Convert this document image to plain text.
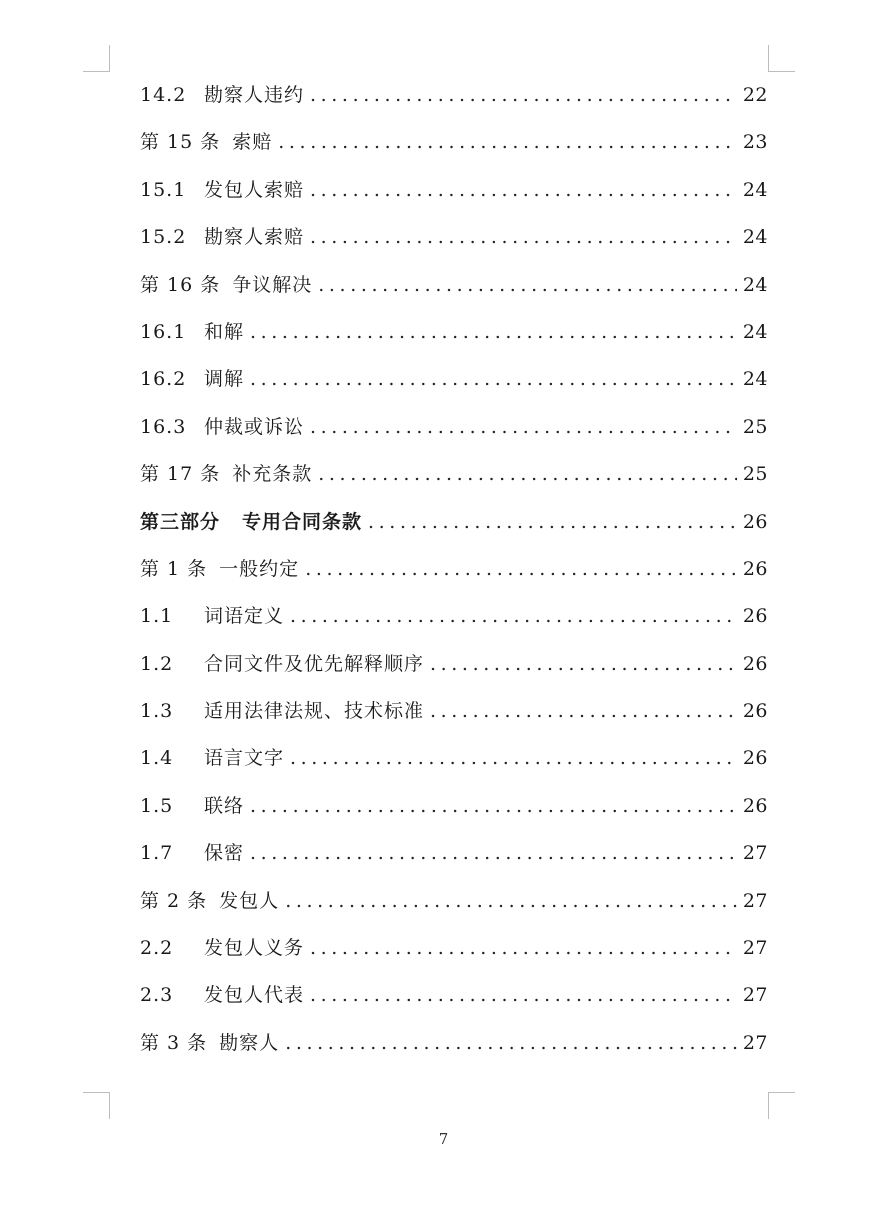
14.2 勘察人违约 .....	22
第 15 条 索赔 .....	23
15.1 发包人索赔 .....	24
15.2 勘察人索赔 .....	24
第 16 条 争议解决 .....	24
16.1 和解 .....	24
16.2 调解 .....	24
16.3 仲裁或诉讼 .....	25
第 17 条 补充条款 .....	25
第三部分 专用合同条款 .....	26
第 1 条 一般约定 .....	26
1.1	词语定义 .....	26
1.2	合同文件及优先解释顺序 .....	26
1.3	适用法律法规、技术标准 .....	26
1.4	语言文字 .....	26
1.5	联络 .....	26
1.7	保密 .....	27
第 2 条 发包人 .....	27
2.2	发包人义务 .....	27
2.3	发包人代表 .....	27
第 3 条 勘察人 .....	27
7
